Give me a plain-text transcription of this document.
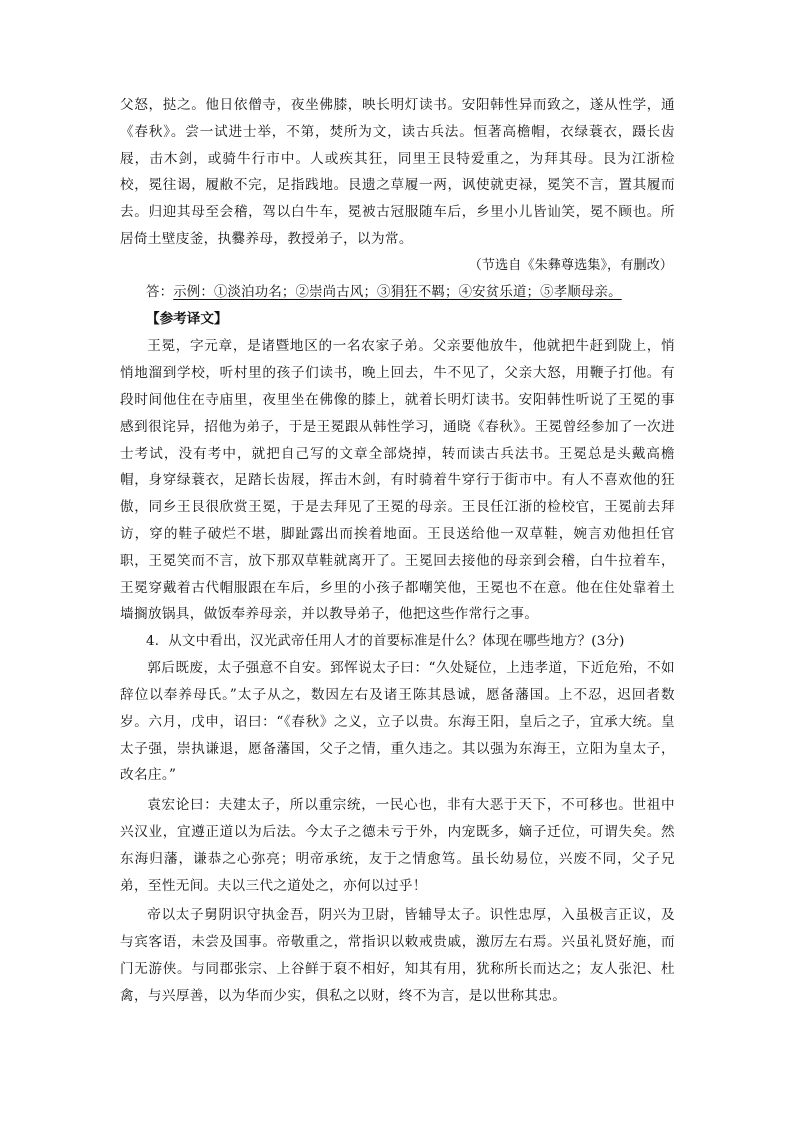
父怒，挞之。他日依僧寺，夜坐佛膝，映长明灯读书。安阳韩性异而致之，遂从性学，通《春秋》。尝一试进士举，不第，焚所为文，读古兵法。恒著高檐帽，衣绿蓑衣，蹑长齿屐，击木剑，或骑牛行市中。人或疾其狂，同里王艮特爱重之，为拜其母。艮为江浙检校，冕往谒，履敝不完，足指践地。艮遗之草履一两，讽使就吏禄，冕笑不言，置其履而去。归迎其母至会稽，驾以白牛车，冕被古冠服随车后，乡里小儿皆讪笑，冕不顾也。所居倚土壁庋釜，执爨养母，教授弟子，以为常。

（节选自《朱彝尊选集》，有删改）

答：示例：①淡泊功名；②崇尚古风；③狷狂不羁；④安贫乐道；⑤孝顺母亲。

【参考译文】

王冕，字元章，是诸暨地区的一名农家子弟。父亲要他放牛，他就把牛赶到陇上，悄悄地溜到学校，听村里的孩子们读书，晚上回去，牛不见了，父亲大怒，用鞭子打他。有段时间他住在寺庙里，夜里坐在佛像的膝上，就着长明灯读书。安阳韩性听说了王冕的事感到很诧异，招他为弟子，于是王冕跟从韩性学习，通晓《春秋》。王冕曾经参加了一次进士考试，没有考中，就把自己写的文章全部烧掉，转而读古兵法书。王冕总是头戴高檐帽，身穿绿蓑衣，足踏长齿屐，挥击木剑，有时骑着牛穿行于街市中。有人不喜欢他的狂傲，同乡王艮很欣赏王冕，于是去拜见了王冕的母亲。王艮任江浙的检校官，王冕前去拜访，穿的鞋子破烂不堪，脚趾露出而挨着地面。王艮送给他一双草鞋，婉言劝他担任官职，王冕笑而不言，放下那双草鞋就离开了。王冕回去接他的母亲到会稽，白牛拉着车，王冕穿戴着古代帽服跟在车后，乡里的小孩子都嘲笑他，王冕也不在意。他在住处靠着土墙搁放锅具，做饭奉养母亲，并以教导弟子，他把这些作常行之事。

4．从文中看出，汉光武帝任用人才的首要标准是什么？体现在哪些地方？(3分)

郭后既废，太子强意不自安。郅恽说太子曰：“久处疑位，上违孝道，下近危殆，不如辞位以奉养母氏。”太子从之，数因左右及诸王陈其恳诚，愿备藩国。上不忍，迟回者数岁。六月，戊申，诏曰：“《春秋》之义，立子以贵。东海王阳，皇后之子，宜承大统。皇太子强，崇执谦退，愿备藩国，父子之情，重久违之。其以强为东海王，立阳为皇太子，改名庄。”

袁宏论曰：夫建太子，所以重宗统，一民心也，非有大恶于天下，不可移也。世祖中兴汉业，宜遵正道以为后法。今太子之德未亏于外，内宠既多，嫡子迁位，可谓失矣。然东海归藩，谦恭之心弥亮；明帝承统，友于之情愈笃。虽长幼易位，兴废不同，父子兄弟，至性无间。夫以三代之道处之，亦何以过乎！

帝以太子舅阴识守执金吾，阴兴为卫尉，皆辅导太子。识性忠厚，入虽极言正议，及与宾客语，未尝及国事。帝敬重之，常指识以敕戒贵戚，激厉左右焉。兴虽礼贤好施，而门无游侠。与同郡张宗、上谷鲜于裒不相好，知其有用，犹称所长而达之；友人张汜、杜禽，与兴厚善，以为华而少实，俱私之以财，终不为言，是以世称其忠。
